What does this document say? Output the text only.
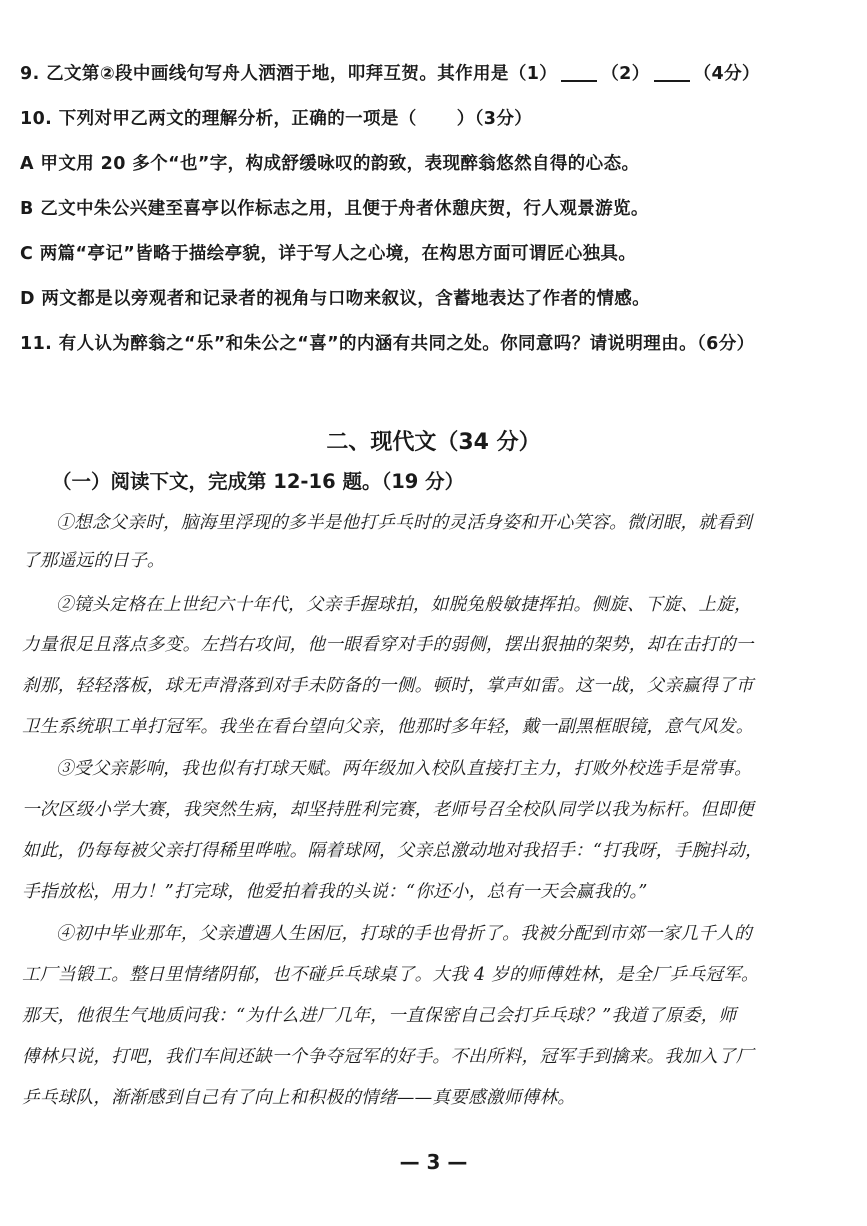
9. 乙文第②段中画线句写舟人洒酒于地，叩拜互贺。其作用是（1）	（2）	（4分）
10. 下列对甲乙两文的理解分析，正确的一项是（ ）（3分）
A 甲文用 20 多个“也”字，构成舒缓咏叹的韵致，表现醉翁悠然自得的心态。
B 乙文中朱公兴建至喜亭以作标志之用，且便于舟者休憩庆贺，行人观景游览。
C 两篇“亭记”皆略于描绘亭貌，详于写人之心境，在构思方面可谓匠心独具。
D 两文都是以旁观者和记录者的视角与口吻来叙议，含蓄地表达了作者的情感。
11. 有人认为醉翁之“乐”和朱公之“喜”的内涵有共同之处。你同意吗？请说明理由。（6分）
二、现代文（34 分）
（一）阅读下文，完成第 12-16 题。（19 分）
①想念父亲时，脑海里浮现的多半是他打乒乓时的灵活身姿和开心笑容。微闭眼，就看到
了那遥远的日子。
②镜头定格在上世纪六十年代，父亲手握球拍，如脱兔般敏捷挥拍。侧旋、下旋、上旋，
力量很足且落点多变。左挡右攻间，他一眼看穿对手的弱侧，摆出狠抽的架势，却在击打的一
刹那，轻轻落板，球无声滑落到对手未防备的一侧。顿时，掌声如雷。这一战，父亲赢得了市
卫生系统职工单打冠军。我坐在看台望向父亲，他那时多年轻，戴一副黑框眼镜，意气风发。
③受父亲影响，我也似有打球天赋。两年级加入校队直接打主力，打败外校选手是常事。
一次区级小学大赛，我突然生病，却坚持胜利完赛，老师号召全校队同学以我为标杆。但即便
如此，仍每每被父亲打得稀里哗啦。隔着球网，父亲总激动地对我招手：“打我呀，手腕抖动，
手指放松，用力！”打完球，他爱拍着我的头说：“你还小，总有一天会赢我的。”
④初中毕业那年，父亲遭遇人生困厄，打球的手也骨折了。我被分配到市郊一家几千人的
工厂当锻工。整日里情绪阴郁，也不碰乒乓球桌了。大我 4 岁的师傅姓林，是全厂乒乓冠军。
那天，他很生气地质问我：“为什么进厂几年，一直保密自己会打乒乓球？”我道了原委，师
傅林只说，打吧，我们车间还缺一个争夺冠军的好手。不出所料，冠军手到擒来。我加入了厂
乒乓球队，渐渐感到自己有了向上和积极的情绪——真要感激师傅林。
— 3 —
